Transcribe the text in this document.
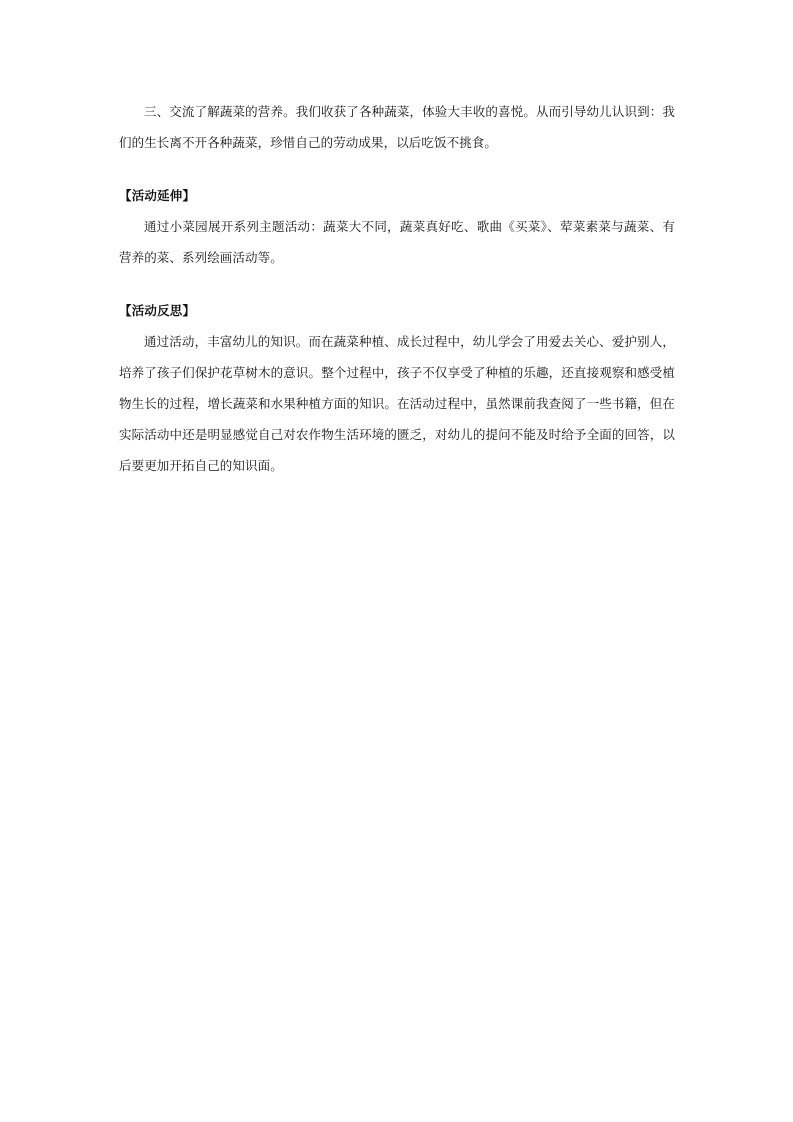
三、交流了解蔬菜的营养。我们收获了各种蔬菜，体验大丰收的喜悦。从而引导幼儿认识到：我们的生长离不开各种蔬菜，珍惜自己的劳动成果，以后吃饭不挑食。

【活动延伸】

通过小菜园展开系列主题活动：蔬菜大不同，蔬菜真好吃、歌曲《买菜》、荤菜素菜与蔬菜、有营养的菜、系列绘画活动等。

【活动反思】

通过活动，丰富幼儿的知识。而在蔬菜种植、成长过程中，幼儿学会了用爱去关心、爱护别人，培养了孩子们保护花草树木的意识。整个过程中，孩子不仅享受了种植的乐趣，还直接观察和感受植物生长的过程，增长蔬菜和水果种植方面的知识。在活动过程中，虽然课前我查阅了一些书籍，但在实际活动中还是明显感觉自己对农作物生活环境的匮乏，对幼儿的提问不能及时给予全面的回答，以后要更加开拓自己的知识面。
